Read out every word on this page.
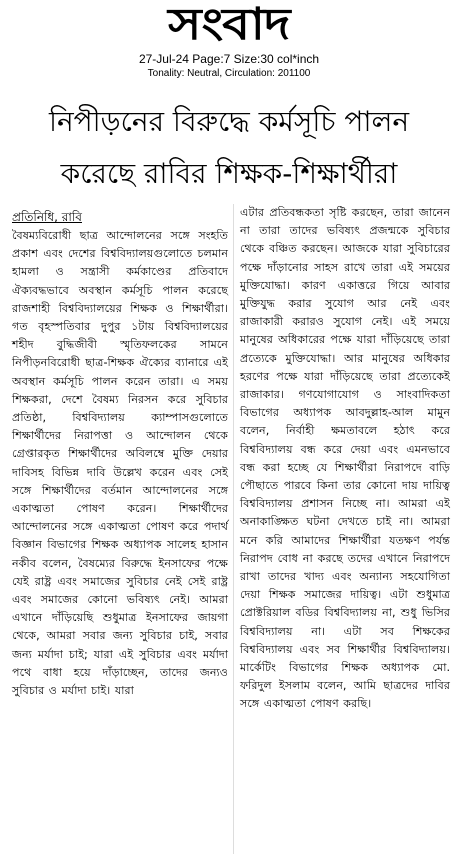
সংবাদ
27-Jul-24 Page:7 Size:30 col*inch
Tonality: Neutral, Circulation: 201100
নিপীড়নের বিরুদ্ধে কর্মসূচি পালন
করেছে রাবির শিক্ষক-শিক্ষার্থীরা
প্রতিনিধি, রাবি

বৈষম্যবিরোধী ছাত্র আন্দোলনের সঙ্গে সংহতি প্রকাশ এবং দেশের বিশ্ববিদ্যালয়গুলোতে চলমান হামলা ও সন্ত্রাসী কর্মকাণ্ডের প্রতিবাদে ঐক্যবদ্ধভাবে অবস্থান কর্মসূচি পালন করেছে রাজশাহী বিশ্ববিদ্যালয়ের শিক্ষক ও শিক্ষার্থীরা। গত বৃহস্পতিবার দুপুর ১টায় বিশ্ববিদ্যালয়ের শহীদ বুদ্ধিজীবী স্মৃতিফলকের সামনে নিপীড়নবিরোধী ছাত্র-শিক্ষক ঐক্যের ব্যানারে এই অবস্থান কর্মসূচি পালন করেন তারা। এ সময় শিক্ষকরা, দেশে বৈষম্য নিরসন করে সুবিচার প্রতিষ্ঠা, বিশ্ববিদ্যালয় ক্যাম্পাসগুলোতে শিক্ষার্থীদের নিরাপত্তা ও আন্দোলন থেকে গ্রেপ্তারকৃত শিক্ষার্থীদের অবিলম্বে মুক্তি দেয়ার দাবিসহ বিভিন্ন দাবি উল্লেখ করেন এবং সেই সঙ্গে শিক্ষার্থীদের বর্তমান আন্দোলনের সঙ্গে একাত্মতা পোষণ করেন। শিক্ষার্থীদের আন্দোলনের সঙ্গে একাত্মতা পোষণ করে পদার্থ বিজ্ঞান বিভাগের শিক্ষক অধ্যাপক সালেহ হাসান নকীব বলেন, বৈষম্যের বিরুদ্ধে ইনসাফের পক্ষে যেই রাষ্ট্র এবং সমাজের সুবিচার নেই সেই রাষ্ট্র এবং সমাজের কোনো ভবিষ্যৎ নেই। আমরা এখানে দাঁড়িয়েছি শুধুমাত্র ইনসাফের জায়গা থেকে, আমরা সবার জন্য সুবিচার চাই, সবার জন্য মর্যাদা চাই; যারা এই সুবিচার এবং মর্যাদা পথে বাধা হয়ে দাঁড়াচ্ছেন, তাদের জন্যও সুবিচার ও মর্যাদা চাই। যারা

এটার প্রতিবন্ধকতা সৃষ্টি করছেন, তারা জানেন না তারা তাদের ভবিষ্যৎ প্রজন্মকে সুবিচার থেকে বঞ্চিত করছেন। আজকে যারা সুবিচারের পক্ষে দাঁড়ানোর সাহস রাখে তারা এই সময়ের মুক্তিযোদ্ধা। কারণ একাত্তরে গিয়ে আবার মুক্তিযুদ্ধ করার সুযোগ আর নেই এবং রাজাকারী করারও সুযোগ নেই। এই সময়ে মানুষের অধিকারের পক্ষে যারা দাঁড়িয়েছে তারা প্রত্যেকে মুক্তিযোদ্ধা। আর মানুষের অধিকার হরণের পক্ষে যারা দাঁড়িয়েছে তারা প্রত্যেকেই রাজাকার। গণযোগাযোগ ও সাংবাদিকতা বিভাগের অধ্যাপক আবদুল্লাহ-আল মামুন বলেন, নির্বাহী ক্ষমতাবলে হঠাৎ করে বিশ্ববিদ্যালয় বন্ধ করে দেয়া এবং এমনভাবে বন্ধ করা হচ্ছে যে শিক্ষার্থীরা নিরাপদে বাড়ি পৌছাতে পারবে কিনা তার কোনো দায় দায়িত্ব বিশ্ববিদ্যালয় প্রশাসন নিচ্ছে না। আমরা এই অনাকাঙ্ক্ষিত ঘটনা দেখতে চাই না। আমরা মনে করি আমাদের শিক্ষার্থীরা যতক্ষণ পর্যন্ত নিরাপদ বোধ না করছে তদের এখানে নিরাপদে রাখা তাদের খাদ্য এবং অন্যান্য সহযোগিতা দেয়া শিক্ষক সমাজের দায়িত্ব। এটা শুধুমাত্র প্রোক্টরিয়াল বডির বিশ্ববিদ্যালয় না, শুধু ভিসির বিশ্ববিদ্যালয় না। এটা সব শিক্ষকের বিশ্ববিদ্যালয় এবং সব শিক্ষার্থীর বিশ্ববিদ্যালয়। মার্কেটিং বিভাগের শিক্ষক অধ্যাপক মো. ফরিদুল ইসলাম বলেন, আমি ছাত্রদের দাবির সঙ্গে একাত্মতা পোষণ করছি।
